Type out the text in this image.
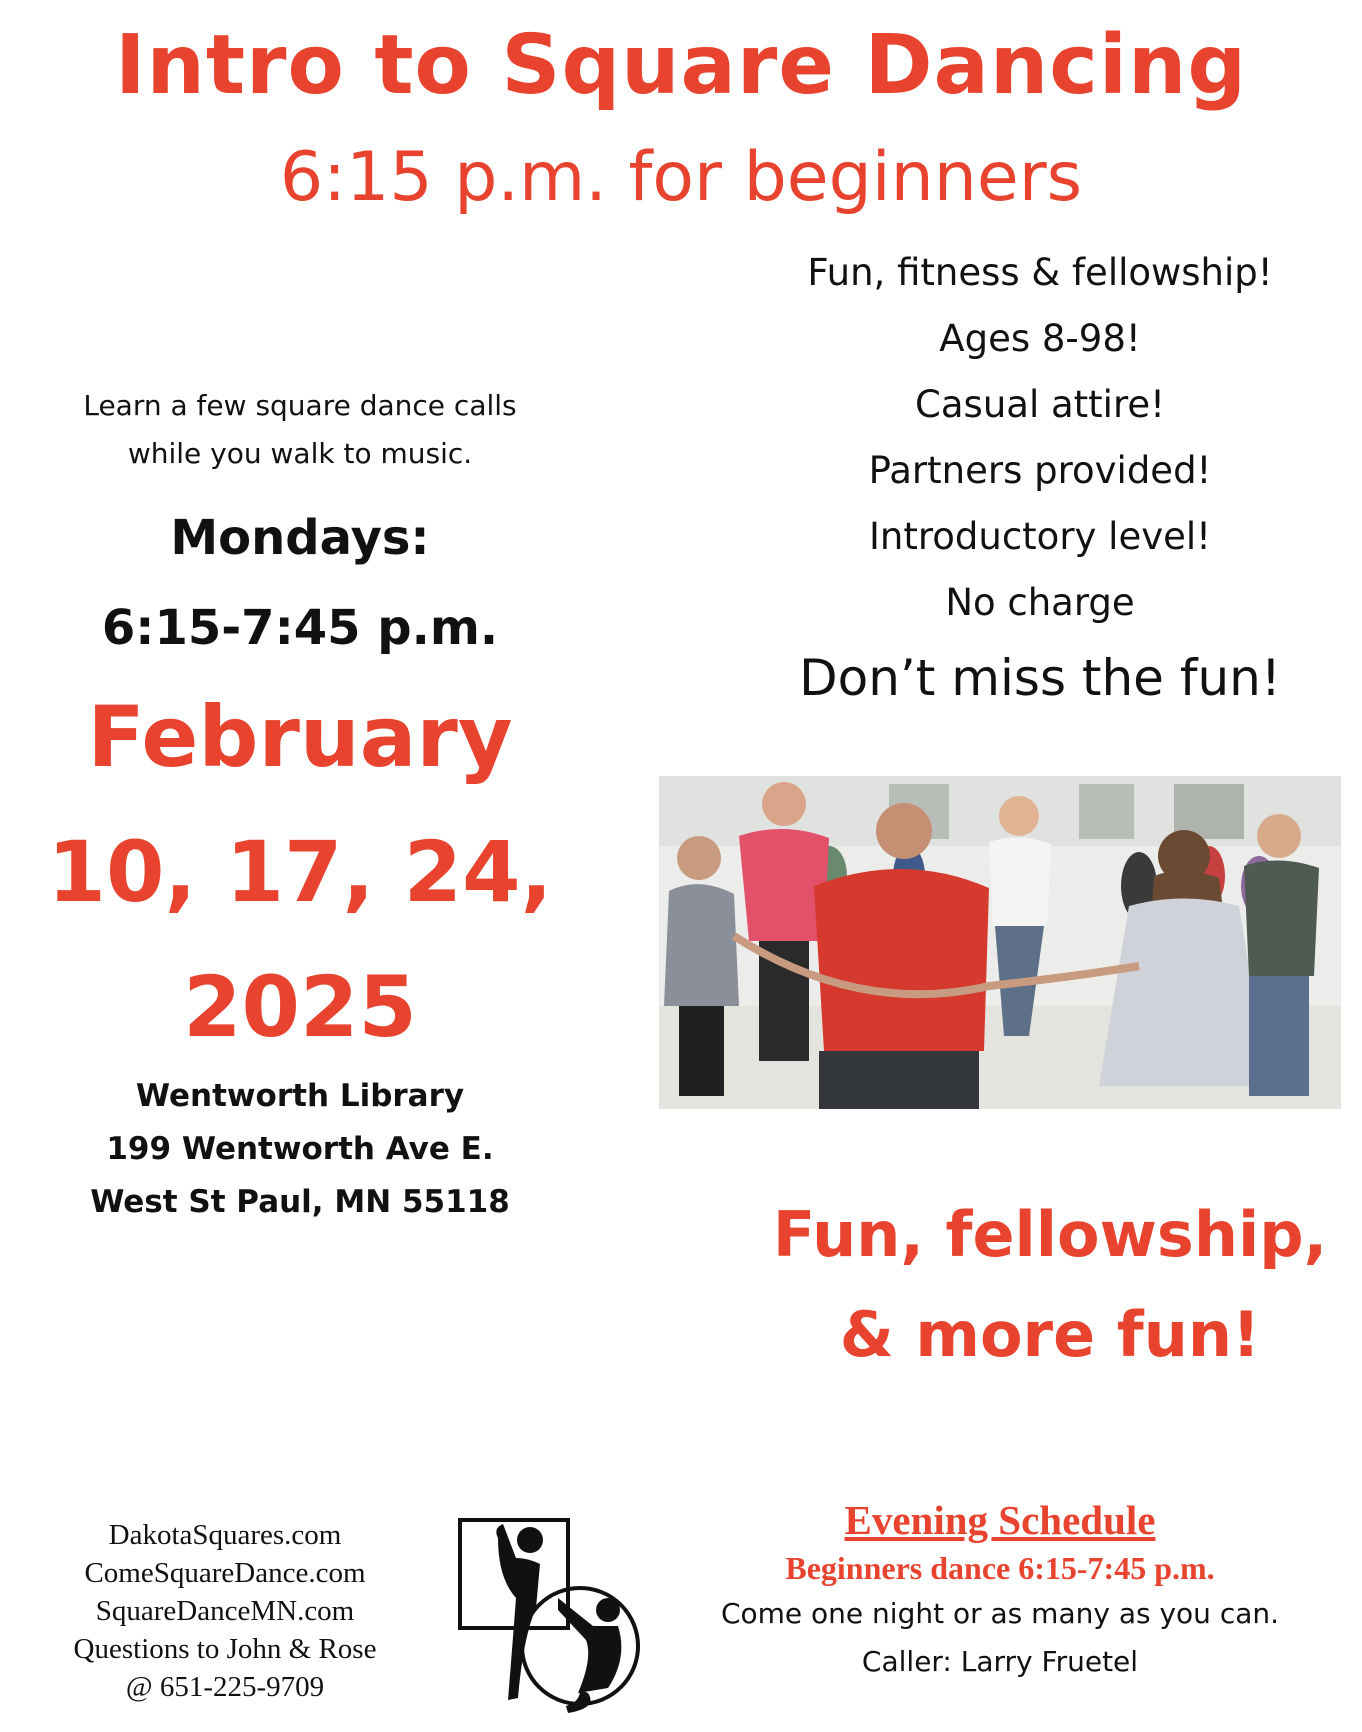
Intro to Square Dancing
6:15 p.m. for beginners
Fun, fitness & fellowship!
Ages 8-98!
Casual attire!
Partners provided!
Introductory level!
No charge
Don’t miss the fun!
Learn a few square dance calls
while you walk to music.
Mondays:
6:15-7:45 p.m.
February
10, 17, 24,
2025
Wentworth Library
199 Wentworth Ave E.
West St Paul, MN 55118	Fun, fellowship,
& more fun!
DakotaSquares.com
ComeSquareDance.com
SquareDanceMN.com
Questions to John & Rose
@ 651-225-9709
Evening Schedule
Beginners dance 6:15-7:45 p.m.
Come one night or as many as you can.
Caller: Larry Fruetel
